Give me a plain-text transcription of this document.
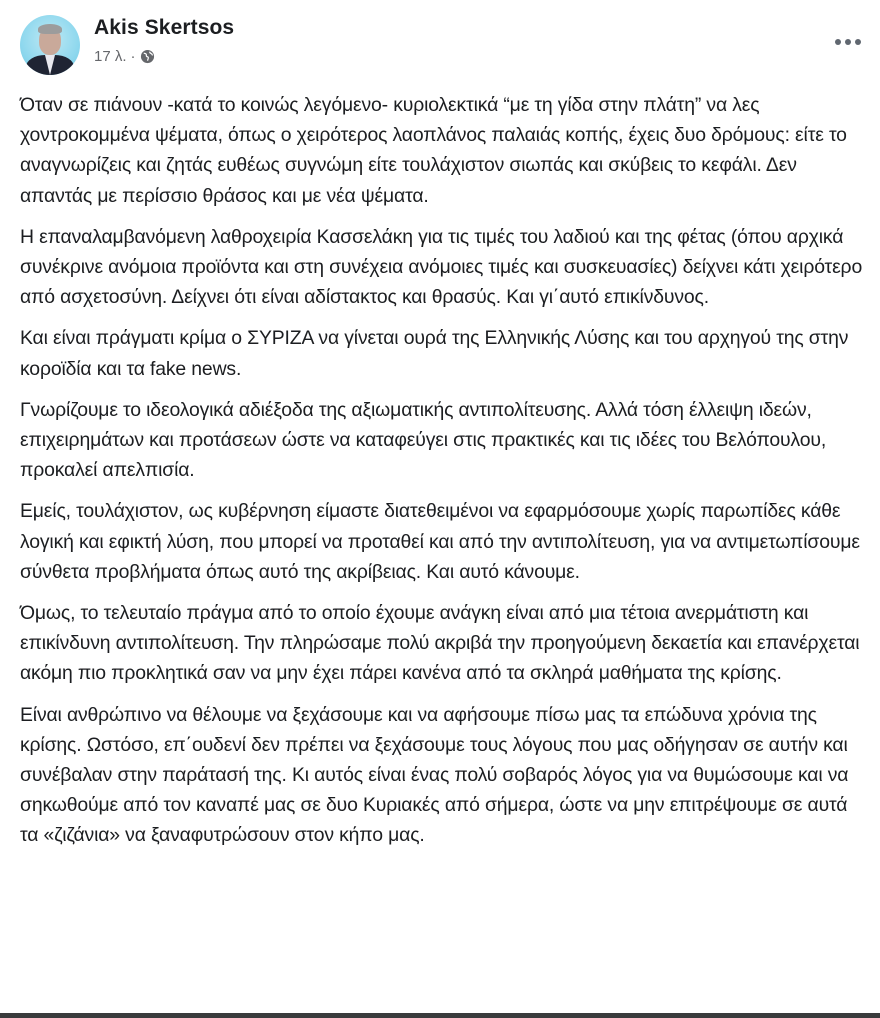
Akis Skertsos
17 λ. ·

Όταν σε πιάνουν -κατά το κοινώς λεγόμενο- κυριολεκτικά “με τη γίδα στην πλάτη” να λες χοντροκομμένα ψέματα, όπως ο χειρότερος λαοπλάνος παλαιάς κοπής, έχεις δυο δρόμους: είτε το αναγνωρίζεις και ζητάς ευθέως συγνώμη είτε τουλάχιστον σιωπάς και σκύβεις το κεφάλι. Δεν απαντάς με περίσσιο θράσος και με νέα ψέματα.

Η επαναλαμβανόμενη λαθροχειρία Κασσελάκη για τις τιμές του λαδιού και της φέτας (όπου αρχικά συνέκρινε ανόμοια προϊόντα και στη συνέχεια ανόμοιες τιμές και συσκευασίες) δείχνει κάτι χειρότερο από ασχετοσύνη. Δείχνει ότι είναι αδίστακτος και θρασύς. Και γι΄αυτό επικίνδυνος.

Και είναι πράγματι κρίμα ο ΣΥΡΙΖΑ να γίνεται ουρά της Ελληνικής Λύσης και του αρχηγού της στην κοροϊδία και τα fake news.

Γνωρίζουμε το ιδεολογικά αδιέξοδα της αξιωματικής αντιπολίτευσης. Αλλά τόση έλλειψη ιδεών, επιχειρημάτων και προτάσεων ώστε να καταφεύγει στις πρακτικές και τις ιδέες του Βελόπουλου, προκαλεί απελπισία.

Εμείς, τουλάχιστον, ως κυβέρνηση είμαστε διατεθειμένοι να εφαρμόσουμε χωρίς παρωπίδες κάθε λογική και εφικτή λύση, που μπορεί να προταθεί και από την αντιπολίτευση, για να αντιμετωπίσουμε σύνθετα προβλήματα όπως αυτό της ακρίβειας. Και αυτό κάνουμε.

Όμως, το τελευταίο πράγμα από το οποίο έχουμε ανάγκη είναι από μια τέτοια ανερμάτιστη και επικίνδυνη αντιπολίτευση. Την πληρώσαμε πολύ ακριβά την προηγούμενη δεκαετία και επανέρχεται ακόμη πιο προκλητικά σαν να μην έχει πάρει κανένα από τα σκληρά μαθήματα της κρίσης.

Είναι ανθρώπινο να θέλουμε να ξεχάσουμε και να αφήσουμε πίσω μας τα επώδυνα χρόνια της κρίσης. Ωστόσο, επ΄ουδενί δεν πρέπει να ξεχάσουμε τους λόγους που μας οδήγησαν σε αυτήν και συνέβαλαν στην παράτασή της. Κι αυτός είναι ένας πολύ σοβαρός λόγος για να θυμώσουμε και να σηκωθούμε από τον καναπέ μας σε δυο Κυριακές από σήμερα, ώστε να μην επιτρέψουμε σε αυτά τα «ζιζάνια» να ξαναφυτρώσουν στον κήπο μας.
